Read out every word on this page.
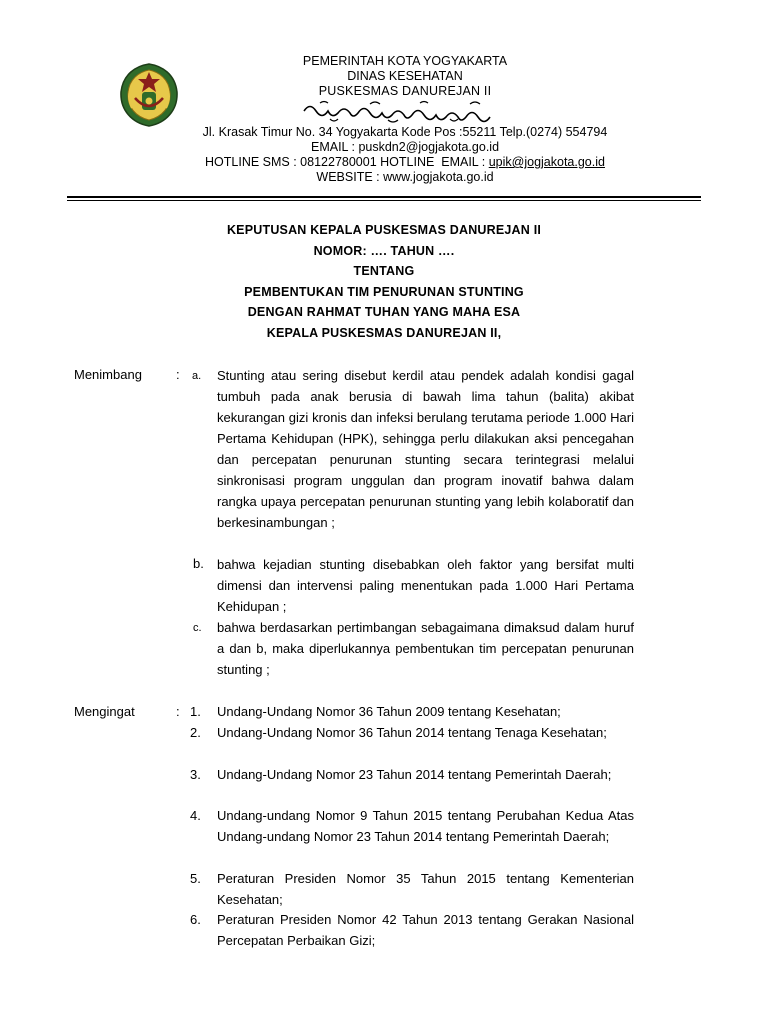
PEMERINTAH KOTA YOGYAKARTA
DINAS KESEHATAN
PUSKESMAS DANUREJAN II
Jl. Krasak Timur No. 34 Yogyakarta Kode Pos :55211 Telp.(0274) 554794
EMAIL : puskdn2@jogjakota.go.id
HOTLINE SMS : 08122780001 HOTLINE  EMAIL : upik@jogjakota.go.id
WEBSITE : www.jogjakota.go.id
KEPUTUSAN KEPALA PUSKESMAS DANUREJAN II
NOMOR: …. TAHUN ….
TENTANG
PEMBENTUKAN TIM PENURUNAN STUNTING
DENGAN RAHMAT TUHAN YANG MAHA ESA
KEPALA PUSKESMAS DANUREJAN II,
Menimbang	: a. Stunting atau sering disebut kerdil atau pendek adalah kondisi gagal tumbuh pada anak berusia di bawah lima tahun (balita) akibat kekurangan gizi kronis dan infeksi berulang terutama periode 1.000 Hari Pertama Kehidupan (HPK), sehingga perlu dilakukan aksi pencegahan dan percepatan penurunan stunting secara terintegrasi melalui sinkronisasi program unggulan dan program inovatif bahwa dalam rangka upaya percepatan penurunan stunting yang lebih kolaboratif dan berkesinambungan ;
b. bahwa kejadian stunting disebabkan oleh faktor yang bersifat multi dimensi dan intervensi paling menentukan pada 1.000 Hari Pertama Kehidupan ;
c. bahwa berdasarkan pertimbangan sebagaimana dimaksud dalam huruf a dan b, maka diperlukannya pembentukan tim percepatan penurunan stunting ;
Mengingat	: 1. Undang-Undang Nomor 36 Tahun 2009 tentang Kesehatan;
2. Undang-Undang Nomor 36 Tahun 2014 tentang Tenaga Kesehatan;
3. Undang-Undang Nomor 23 Tahun 2014 tentang Pemerintah Daerah;
4. Undang-undang Nomor 9 Tahun 2015 tentang Perubahan Kedua Atas Undang-undang Nomor 23 Tahun 2014 tentang Pemerintah Daerah;
5. Peraturan Presiden Nomor 35 Tahun 2015 tentang Kementerian Kesehatan;
6. Peraturan Presiden Nomor 42 Tahun 2013 tentang Gerakan Nasional Percepatan Perbaikan Gizi;
